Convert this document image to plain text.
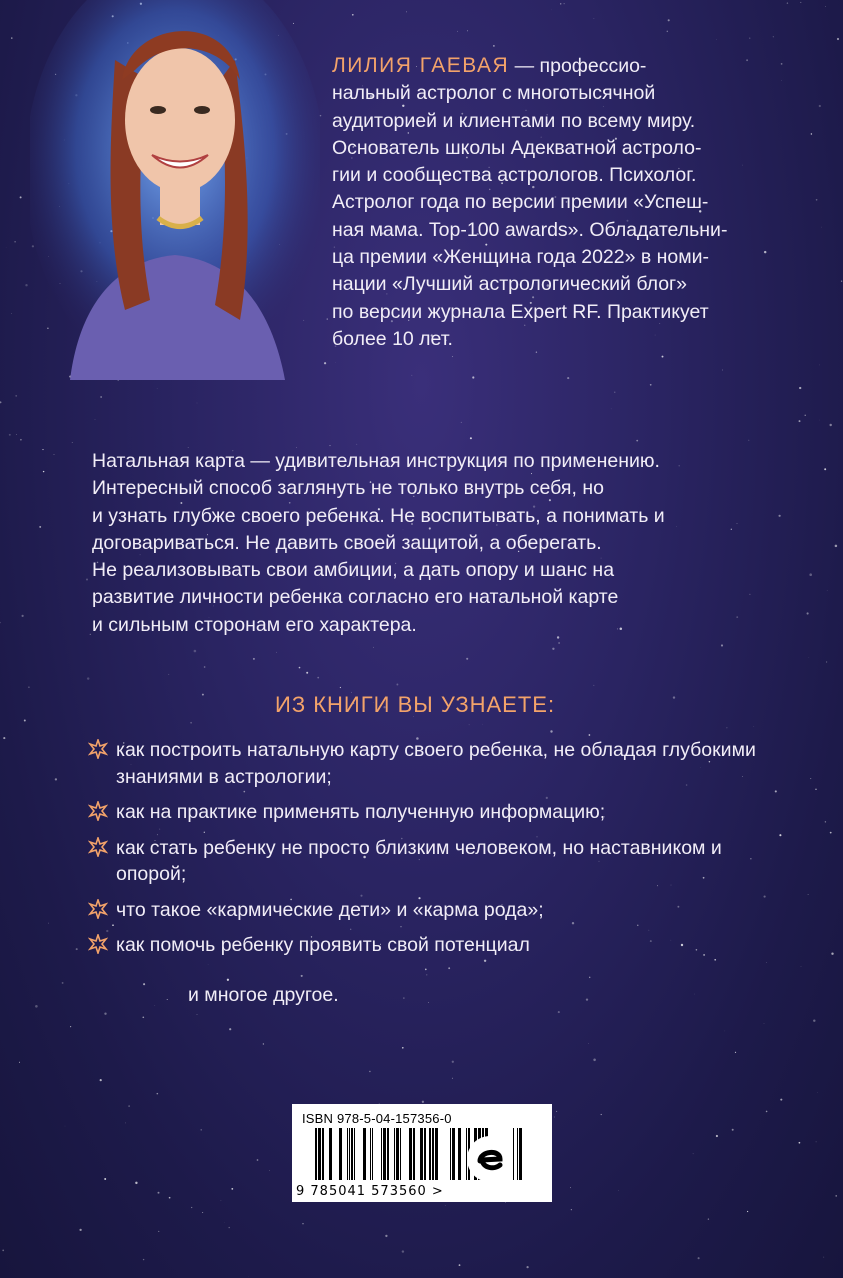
ЛИЛИЯ ГАЕВАЯ — профессио-
нальный астролог с многотысячной
аудиторией и клиентами по всему миру.
Основатель школы Адекватной астроло-
гии и сообщества астрологов. Психолог.
Астролог года по версии премии «Успеш-
ная мама. Top-100 awards». Обладательни-
ца премии «Женщина года 2022» в номи-
нации «Лучший астрологический блог»
по версии журнала Expert RF. Практикует
более 10 лет.
Натальная карта — удивительная инструкция по применению.
Интересный способ заглянуть не только внутрь себя, но
и узнать глубже своего ребенка. Не воспитывать, а понимать и
договариваться. Не давить своей защитой, а оберегать.
Не реализовывать свои амбиции, а дать опору и шанс на
развитие личности ребенка согласно его натальной карте
и сильным сторонам его характера.
ИЗ КНИГИ ВЫ УЗНАЕТЕ:
как построить натальную карту своего ребенка, не обладая глубокими знаниями в астрологии;
как на практике применять полученную информацию;
как стать ребенку не просто близким человеком, но наставником и опорой;
что такое «кармические дети» и «карма рода»;
как помочь ребенку проявить свой потенциал
и многое другое.
ISBN 978-5-04-157356-0
9 785041 573560 >
